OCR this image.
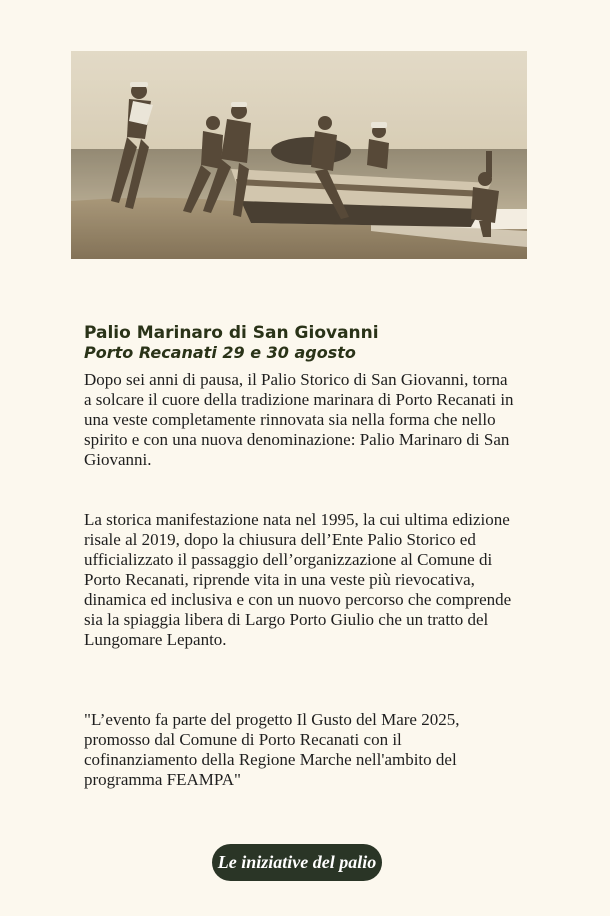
Palio Marinaro di San Giovanni

Porto Recanati 29 e 30 agosto

Dopo sei anni di pausa, il Palio Storico di San Giovanni, torna a solcare il cuore della tradizione marinara di Porto Recanati in una veste completamente rinnovata sia nella forma che nello spirito e con una nuova denominazione: Palio Marinaro di San Giovanni.

La storica manifestazione nata nel 1995, la cui ultima edizione risale al 2019, dopo la chiusura dell’Ente Palio Storico ed ufficializzato il passaggio dell’organizzazione al Comune di Porto Recanati, riprende vita in una veste più rievocativa, dinamica ed inclusiva e con un nuovo percorso che comprende sia la spiaggia libera di Largo Porto Giulio che un tratto del Lungomare Lepanto.

"L’evento fa parte del progetto Il Gusto del Mare 2025, promosso dal Comune di Porto Recanati con il cofinanziamento della Regione Marche nell'ambito del programma FEAMPA"

Le iniziative del palio
